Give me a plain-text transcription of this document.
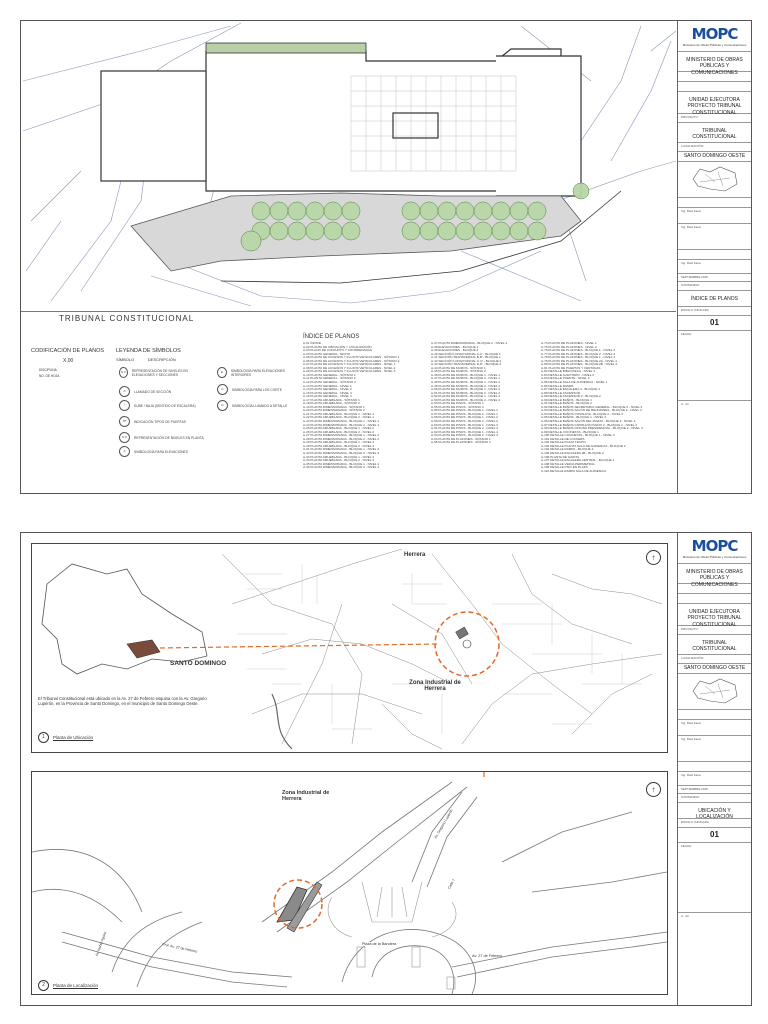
TRIBUNAL CONSTITUCIONAL
CODIFICACIÓN DE PLANOS
X.00
DISCIPLINA
NO. DE HOJA
LEYENDA DE SÍMBOLOS
SÍMBOLO	DESCRIPCIÓN
N.0	REPRESENTACIÓN DE NIVELES EN ELEVACIONES Y SECCIONES
A	LLAMADO DE SECCIÓN
↑	SUBE / BAJA (SENTIDO DE ESCALERA)
TP	INDICACIÓN TIPOS DE PUERTAS
N.0	REPRESENTACIÓN DE NIVELES EN PLANTA
A	SIMBOLOGÍA PARA ELEVACIONES
E	SIMBOLOGÍA PARA ELEVACIONES INTERIORES
C	SIMBOLOGÍA PARA LOS CORTE
D	SIMBOLOGÍA LLAMADO A DETALLE
ÍNDICE DE PLANOS
A-01 ÍNDICE
A-02 PLANTA DE UBICACIÓN Y LOCALIZACIÓN
A-03 PLANO DE CONJUNTO Y COORDENADAS
A-04 PLANTA GENERAL, TECHO
A-05 PLANTA DE ACCESOS Y FLUJOS VEHICULARES - SÓTANO 1
A-06 PLANTA DE ACCESOS Y FLUJOS VEHICULARES - SÓTANO 2
A-07 PLANTA DE ACCESOS Y FLUJOS VEHICULARES - NIVEL 1
A-08 PLANTA DE ACCESOS Y FLUJOS VEHICULARES - NIVEL 2
A-09 PLANTA DE ACCESOS Y FLUJOS VEHICULARES - NIVEL 3
A-10 PLANTA GENERAL - SÓTANO 1
A-11 PLANTA GENERAL - SÓTANO 2
A-12 PLANTA GENERAL - SÓTANO 3
A-13 PLANTA GENERAL - NIVEL 1
A-14 PLANTA GENERAL - NIVEL 2
A-15 PLANTA GENERAL - NIVEL 3
A-16 PLANTA GENERAL - NIVEL 4
A-17 PLANTA AMUEBLADA - SÓTANO 1
A-18 PLANTA AMUEBLADA - SÓTANO 2
A-19 PLANTA DIMENSIONADA - SÓTANO 1
A-20 PLANTA DIMENSIONADA - SÓTANO 2
A-21 PLANTA AMUEBLADA - BLOQUE 1 - NIVEL 1
A-22 PLANTA AMUEBLADA - BLOQUE 2 - NIVEL 1
A-23 PLANTA DIMENSIONADA - BLOQUE 1 - NIVEL 1
A-24 PLANTA DIMENSIONADA - BLOQUE 2 - NIVEL 1
A-25 PLANTA AMUEBLADA - BLOQUE 1 - NIVEL 2
A-26 PLANTA AMUEBLADA - BLOQUE 2 - NIVEL 2
A-27 PLANTA DIMENSIONADA - BLOQUE 1 - NIVEL 2
A-28 PLANTA DIMENSIONADA - BLOQUE 2 - NIVEL 2
A-29 PLANTA AMUEBLADA - BLOQUE 1 - NIVEL 3
A-30 PLANTA AMUEBLADA - BLOQUE 2 - NIVEL 3
A-31 PLANTA DIMENSIONADA - BLOQUE 1 - NIVEL 3
A-32 PLANTA DIMENSIONADA - BLOQUE 2 - NIVEL 3
A-33 PLANTA AMUEBLADA - BLOQUE 1 - NIVEL 4
A-34 PLANTA AMUEBLADA - BLOQUE 2 - NIVEL 4
A-35 PLANTA DIMENSIONADA - BLOQUE 1 - NIVEL 4
A-36 PLANTA DIMENSIONADA - BLOQUE 2 - NIVEL 4
A-37 PLANTA DIMENSIONADA - BLOQUE 2 - NIVEL 4
A-38 ELEVACIONES - BLOQUE 1
A-39 ELEVACIONES - BLOQUE 2
A-40 SECCIÓN LONGITUDINAL A-A' - BLOQUE 1
A-41 SECCIÓN TRANSVERSAL B-B' - BLOQUE 1
A-42 SECCIÓN LONGITUDINAL C-C' - BLOQUE 2
A-43 SECCIÓN TRANSVERSAL D-D' - BLOQUE 2
A-44 PLANTA DE MUROS - SÓTANO 1
A-45 PLANTA DE MUROS - SÓTANO 2
A-46 PLANTA DE MUROS - BLOQUE 1 - NIVEL 1
A-47 PLANTA DE MUROS - BLOQUE 2 - NIVEL 1
A-48 PLANTA DE MUROS - BLOQUE 1 - NIVEL 2
A-49 PLANTA DE MUROS - BLOQUE 2 - NIVEL 2
A-50 PLANTA DE MUROS - BLOQUE 1 - NIVEL 3
A-51 PLANTA DE MUROS - BLOQUE 2 - NIVEL 3
A-52 PLANTA DE MUROS - BLOQUE 1 - NIVEL 4
A-53 PLANTA DE MUROS - BLOQUE 2 - NIVEL 4
A-54 PLANTA DE PISOS - SÓTANO 1
A-55 PLANTA DE PISOS - SÓTANO 2
A-56 PLANTA DE PISOS - BLOQUE 1 - NIVEL 1
A-57 PLANTA DE PISOS - BLOQUE 2 - NIVEL 1
A-58 PLANTA DE PISOS - BLOQUE 1 - NIVEL 2
A-59 PLANTA DE PISOS - BLOQUE 2 - NIVEL 2
A-60 PLANTA DE PISOS - BLOQUE 1 - NIVEL 3
A-61 PLANTA DE PISOS - BLOQUE 2 - NIVEL 3
A-62 PLANTA DE PISOS - BLOQUE 1 - NIVEL 4
A-63 PLANTA DE PISOS - BLOQUE 2 - NIVEL 4
A-64 PLANTA DE PLAFONES - SÓTANO 1
A-65 PLANTA DE PLAFONES - SÓTANO 2
A-74 PLANTA DE PLAFONES - NIVEL 1
A-75 PLANTA DE PLAFONES - NIVEL 2
A-76 PLANTA DE PLAFONES - BLOQUE 1 - NIVEL 3
A-77 PLANTA DE PLAFONES - BLOQUE 2 - NIVEL 3
A-78 PLANTA DE PLAFONES - BLOQUE 1 - NIVEL 4
A-79 PLANTA DE PLAFONES - BLOQUE 2A - NIVEL 4
A-80 PLANTA DE PLAFONES - BLOQUE 2B - NIVEL 4
A-81 PLANTA DE PUERTAS Y VENTANAS
A-82 DETALLE BIBLIOTECA - NIVEL 3
A-83 DETALLE AUDITORIO - NIVEL 3
A-84 DETALLE PUENTE - NIVEL 3
A-85 DETALLE SALA DE AUDIENCIA - NIVEL 1
A-86 DETALLE RAMPA
A-87 DETALLE ESCALERA 4 - BLOQUE 1
A-88 DETALLE ASCENSOR
A-89 DETALLE ASCENSOR 2 - BLOQUE 2
A-90 DETALLE BAÑOS - BLOQUE 1
A-91 DETALLE BAÑOS - BLOQUE 2
A-92 DETALLE BAÑOS SECRETARIO GENERAL - BLOQUE 2 - NIVEL 3
A-93 DETALLE BAÑOS SALÓN DE REUNIONES - BLOQUE 2 - NIVEL 3
A-94 DETALLE BAÑOS CONSULTA - BLOQUE 2 - NIVEL 4
A-95 DETALLE BAÑOS - BLOQUE 1 - NIVEL 4
A-96 DETALLE BAÑOS SALÓN DEL PLENO - BLOQUE 2 - NIVEL 4
A-97 DETALLE BAÑOS CONSULTA PLENO 2 - BLOQUE 2 - NIVEL 4
A-98 DETALLE BAÑOS OFICINA PRESIDENCIAL - BLOQUE 2 - NIVEL 4
A-99 DETALLE COCINETAS - BLOQUE 1
A-100 DETALLE COCINETAS - BLOQUE 1 - NIVEL 3
A-101 DETALLE DE LOCKERS
A-102 DETALLE PLAZA TECHO
A-103 DETALLE PLANTA SALA DE AUDIENCIA - BLOQUE 2
A-104 DETALLE RAMPA - BLOQUE 2
A-105 DETALLE ESCALERA 2B - BLOQUE 2
A-106 PLANTA DE GARITA
A-107 DETALLE ESCALERA CENTRAL - BLOQUE 1
A-108 DETALLE VERJA PERIMETRAL
A-109 DETALLE PISO EN PLAZA
A-110 DETALLE RAMPA SALA DE AUDIENCIA
MOPC
Ministerio de Obras Públicas y Comunicaciones
MINISTERIO DE OBRAS PÚBLICAS Y COMUNICACIONES
UNIDAD EJECUTORA PROYECTO TRIBUNAL CONSTITUCIONAL
PROYECTO:
TRIBUNAL CONSTITUCIONAL
LOCALIZACIÓN:
SANTO DOMINGO OESTE
Ing. Raúl Fana
Ing. Raúl Fana
Ing. Raúl Fana
SEPTIEMBRE 2015
CONTENIDO:
ÍNDICE DE PLANOS
ESCALA: INDICADA
01
FECHA:
A - 01
SANTO DOMINGO
Herrera
Zona Industrial de Herrera
El Tribunal Constitucional está ubicado en la Av. 27 de Febrero esquina con la Av. Gregorio Luperón, en la Provincia de Santo Domingo, en el municipio de Santo Domingo Oeste.
1	Planta de Ubicación
↑
Zona Industrial de Herrera
Av. Gregorio Luperón
Prol. Av. 27 de Febrero
Av. 27 de Febrero
Av. Isabel Aguiar
Calle 7
Plaza de la Bandera
2	Planta de Localización
↑
MOPC
Ministerio de Obras Públicas y Comunicaciones
MINISTERIO DE OBRAS PÚBLICAS Y COMUNICACIONES
UNIDAD EJECUTORA PROYECTO TRIBUNAL CONSTITUCIONAL
PROYECTO:
TRIBUNAL CONSTITUCIONAL
LOCALIZACIÓN:
SANTO DOMINGO OESTE
Ing. Raúl Fana
Ing. Raúl Fana
Ing. Raúl Fana
SEPTIEMBRE 2015
CONTENIDO:
UBICACIÓN Y LOCALIZACIÓN
ESCALA: INDICADA
01
FECHA:
A - 02
